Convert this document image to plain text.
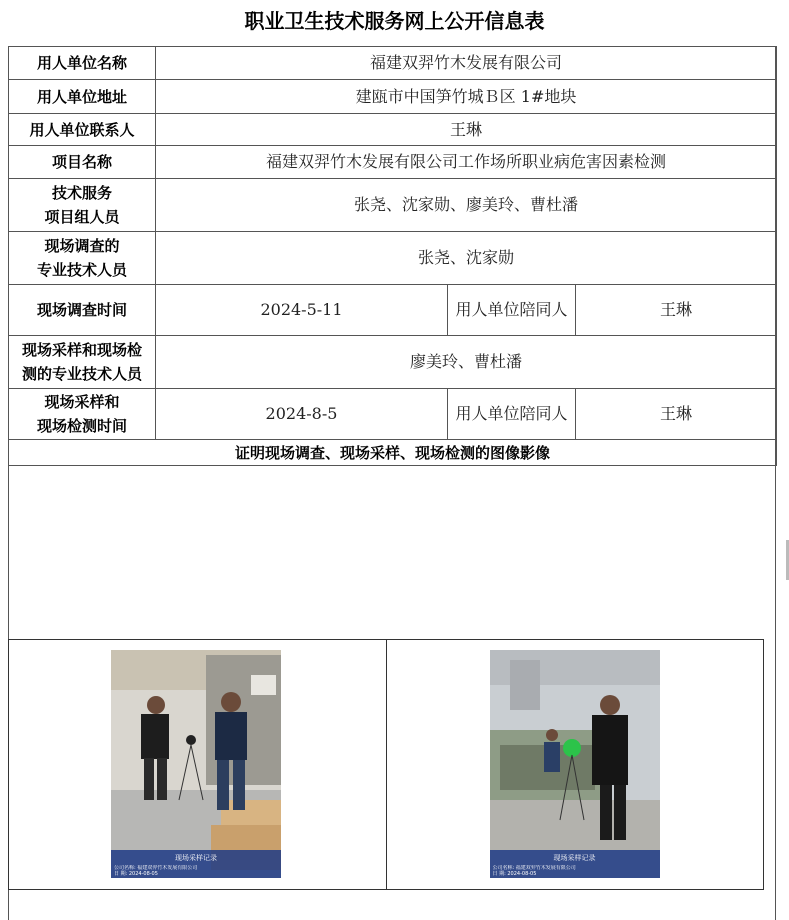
职业卫生技术服务网上公开信息表
用人单位名称	福建双羿竹木发展有限公司		
用人单位地址	建瓯市中国笋竹城Ｂ区 1#地块		
用人单位联系人	王琳		
项目名称	福建双羿竹木发展有限公司工作场所职业病危害因素检测		

技术服务
项目组人员	张尧、沈家勋、廖美玲、曹杜潘		

现场调查的
专业技术人员	张尧、沈家勋		
现场调查时间	2024-5-11	用人单位陪同人	王琳

现场采样和现场检
测的专业技术人员	廖美玲、曹杜潘		

现场采样和
现场检测时间	2024-8-5	用人单位陪同人	王琳
证明现场调查、现场采样、现场检测的图像影像			
现场采样记录
公司名称: 福建双羿竹木发展有限公司
日 期: 2024-08-05
现场采样记录
公司名称: 福建双羿竹木发展有限公司
日 期: 2024-08-05
